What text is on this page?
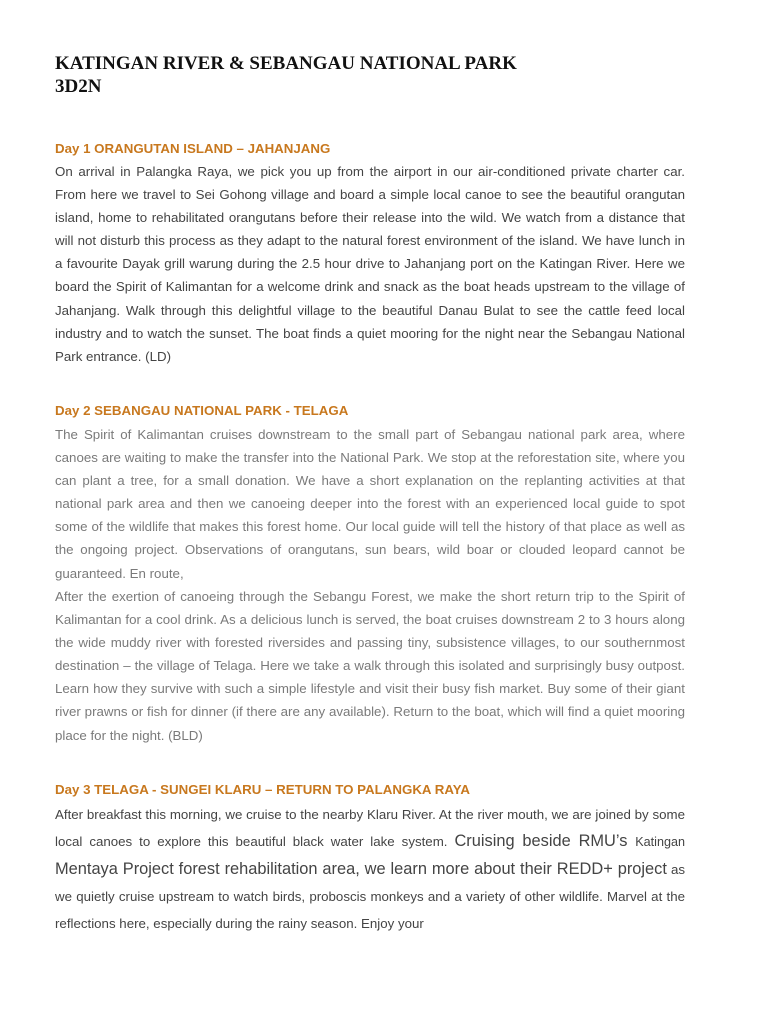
KATINGAN RIVER & SEBANGAU NATIONAL PARK
3D2N
Day 1 ORANGUTAN ISLAND – JAHANJANG

On arrival in Palangka Raya, we pick you up from the airport in our air-conditioned private charter car. From here we travel to Sei Gohong village and board a simple local canoe to see the beautiful orangutan island, home to rehabilitated orangutans before their release into the wild. We watch from a distance that will not disturb this process as they adapt to the natural forest environment of the island. We have lunch in a favourite Dayak grill warung during the 2.5 hour drive to Jahanjang port on the Katingan River. Here we board the Spirit of Kalimantan for a welcome drink and snack as the boat heads upstream to the village of Jahanjang. Walk through this delightful village to the beautiful Danau Bulat to see the cattle feed local industry and to watch the sunset. The boat finds a quiet mooring for the night near the Sebangau National Park entrance. (LD)

Day 2 SEBANGAU NATIONAL PARK - TELAGA

The Spirit of Kalimantan cruises downstream to the small part of Sebangau national park area, where canoes are waiting to make the transfer into the National Park. We stop at the reforestation site, where you can plant a tree, for a small donation. We have a short explanation on the replanting activities at that national park area and then we canoeing deeper into the forest with an experienced local guide to spot some of the wildlife that makes this forest home. Our local guide will tell the history of that place as well as the ongoing project. Observations of orangutans, sun bears, wild boar or clouded leopard cannot be guaranteed. En route,

After the exertion of canoeing through the Sebangu Forest, we make the short return trip to the Spirit of Kalimantan for a cool drink. As a delicious lunch is served, the boat cruises downstream 2 to 3 hours along the wide muddy river with forested riversides and passing tiny, subsistence villages, to our southernmost destination – the village of Telaga. Here we take a walk through this isolated and surprisingly busy outpost. Learn how they survive with such a simple lifestyle and visit their busy fish market. Buy some of their giant river prawns or fish for dinner (if there are any available). Return to the boat, which will find a quiet mooring place for the night. (BLD)

Day 3 TELAGA - SUNGEI KLARU – RETURN TO PALANGKA RAYA

After breakfast this morning, we cruise to the nearby Klaru River. At the river mouth, we are joined by some local canoes to explore this beautiful black water lake system. Cruising beside RMU’s Katingan Mentaya Project forest rehabilitation area, we learn more about their REDD+ project as we quietly cruise upstream to watch birds, proboscis monkeys and a variety of other wildlife. Marvel at the reflections here, especially during the rainy season. Enjoy your
